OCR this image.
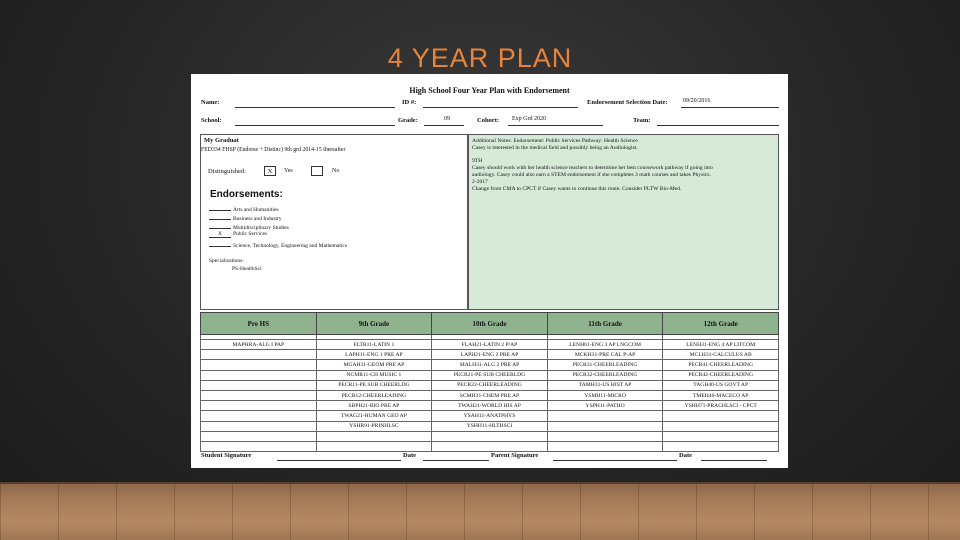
4 YEAR PLAN
High School Four Year Plan with Endorsement
Name:	ID #:	Endorsement Selection Date:	09/20/2016
School:	Grade:	09	Cohort: Exp Grd 2020	Team:
My Graduat
FED334 FHSP (Endorse + Distinc) 9th grd 2014-15 thereafter
Distinguished:	X	Yes	No
Endorsements:
Arts and Humanities
Business and Industry
Multidisciplinary Studies
X Public Services
Science, Technology, Engineering and Mathematics
Specializations:
PS-HealthSci
Additional Notes: Endorsement: Public Services Pathway: Health Science
Casey is interested in the medical field and possibly being an Audiologist.
9TH
Casey should work with her health science teachers to determine her best coursework pathway if going into
audiology. Casey could also earn a STEM endorsement if she completes 3 math courses and takes Physics.
2-2017
Change from CMA to CPCT if Casey wants to continue this route. Consider PLTW Bio-Med.
Pre HS	9th Grade	10th Grade	11th Grade	12th Grade

MAPHRA-ALG I PAP	FLTR11-LATIN 1	FLAH21-LATIN 2 P/AP	LENH61-ENG 3 AP LNGCOM	LENH31-ENG 4 AP LITCOM
	LAPH11-ENG 1 PRE AP	LAPH21-ENG 2 PRE AP	MCKH31-PRE CAL P-AP	MCLH31-CALCULUS AB
	MGAH11-GEOM PRE AP	MALH31-ALG 2 PRE AP	PECR31-CHEERLEADING	PECR41-CHEERLEADING
	NCMR11-CH MUSIC 1	PECR21-PE SUB CHEERLDG	PECR32-CHEERLEADING	PECR42-CHEERLEADING
	PECR11-PE SUB CHEERLDG	PECR22-CHEERLEADING	TAMH31-US HIST AP	TAGH40-US GOVT AP
	PECR12-CHEERLEADING	SCMH31-CHEM PRE AP	YSMH11-MICRO	TMEH40-MACECO AP
	SBPH21-BIO PRE AP	TWAH21-WORLD HIS AP	YSPH11-PATHO	YSHH71-PRACHLSCI - CPCT
	TWAG21-HUMAN GEO AP	YSAH11-ANATPHYS		
	YSHR91-PRINHLSC	YSHH11-HLTHSCI		

Student Signature	Date	Parent Signature	Date
